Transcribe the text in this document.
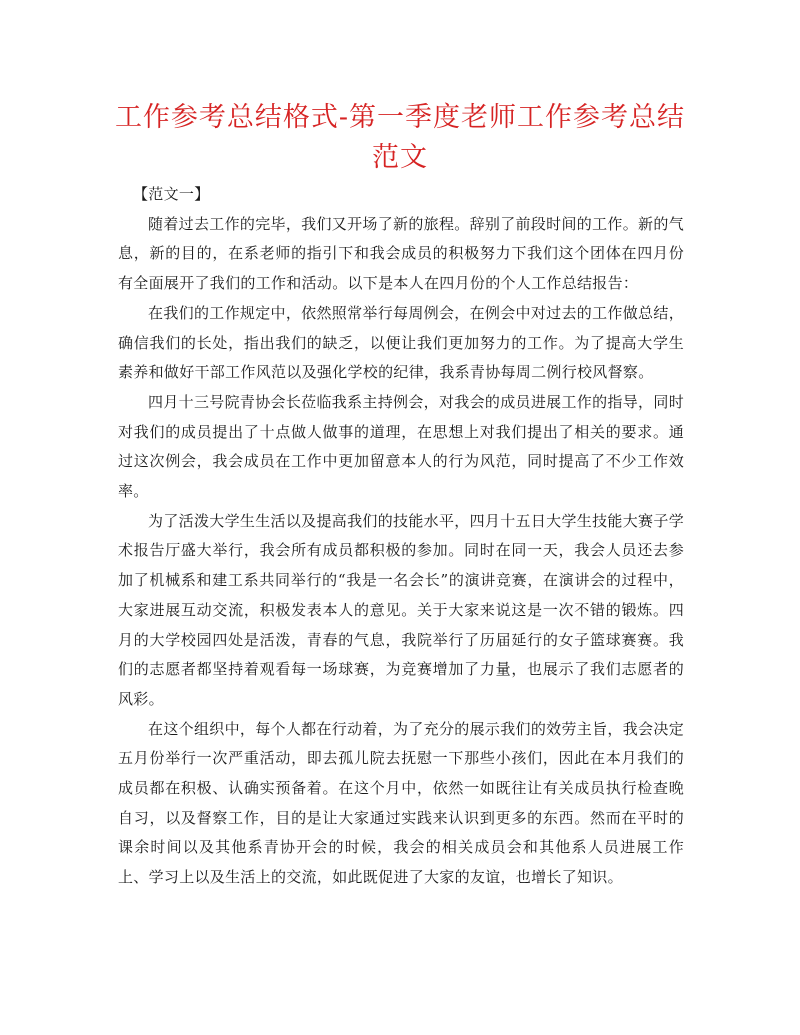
工作参考总结格式-第一季度老师工作参考总结范文

【范文一】

随着过去工作的完毕，我们又开场了新的旅程。辞别了前段时间的工作。新的气息，新的目的，在系老师的指引下和我会成员的积极努力下我们这个团体在四月份有全面展开了我们的工作和活动。以下是本人在四月份的个人工作总结报告：

在我们的工作规定中，依然照常举行每周例会，在例会中对过去的工作做总结，确信我们的长处，指出我们的缺乏，以便让我们更加努力的工作。为了提高大学生素养和做好干部工作风范以及强化学校的纪律，我系青协每周二例行校风督察。

四月十三号院青协会长莅临我系主持例会，对我会的成员进展工作的指导，同时对我们的成员提出了十点做人做事的道理，在思想上对我们提出了相关的要求。通过这次例会，我会成员在工作中更加留意本人的行为风范，同时提高了不少工作效率。

为了活泼大学生生活以及提高我们的技能水平，四月十五日大学生技能大赛子学术报告厅盛大举行，我会所有成员都积极的参加。同时在同一天，我会人员还去参加了机械系和建工系共同举行的“我是一名会长”的演讲竞赛，在演讲会的过程中，大家进展互动交流，积极发表本人的意见。关于大家来说这是一次不错的锻炼。四月的大学校园四处是活泼，青春的气息，我院举行了历届延行的女子篮球赛赛。我们的志愿者都坚持着观看每一场球赛，为竞赛增加了力量，也展示了我们志愿者的风彩。

在这个组织中，每个人都在行动着，为了充分的展示我们的效劳主旨，我会决定五月份举行一次严重活动，即去孤儿院去抚慰一下那些小孩们，因此在本月我们的成员都在积极、认确实预备着。在这个月中，依然一如既往让有关成员执行检查晚自习，以及督察工作，目的是让大家通过实践来认识到更多的东西。然而在平时的课余时间以及其他系青协开会的时候，我会的相关成员会和其他系人员进展工作上、学习上以及生活上的交流，如此既促进了大家的友谊，也增长了知识。
